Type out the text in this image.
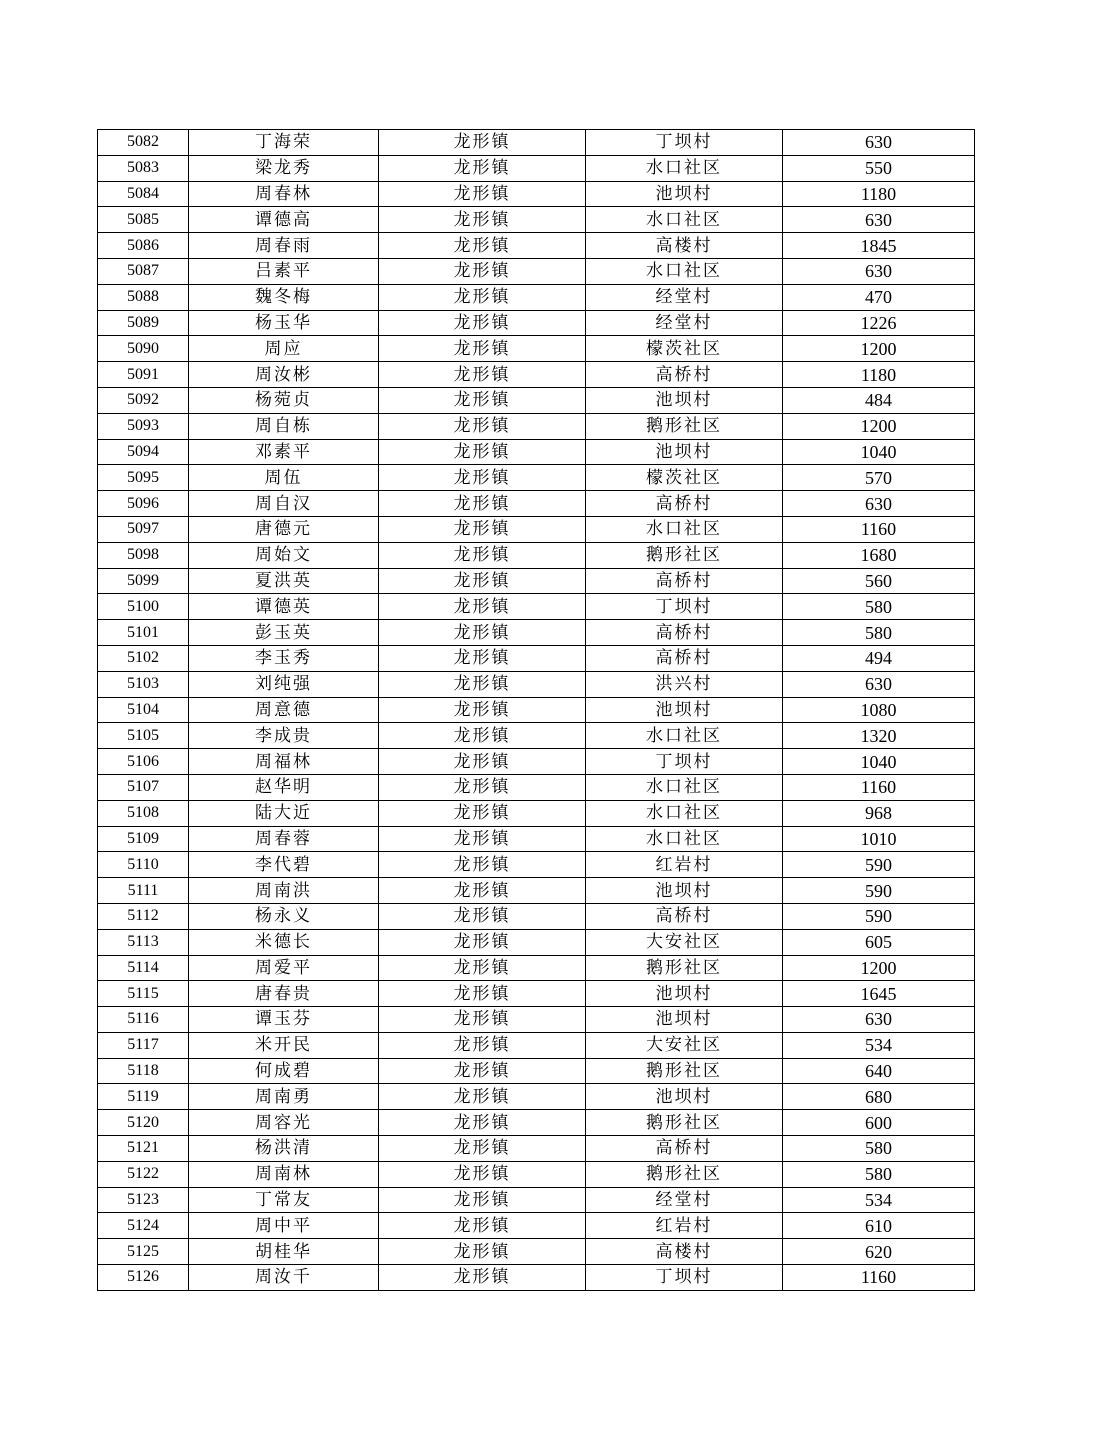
5082	丁海荣	龙形镇	丁坝村	630
5083	梁龙秀	龙形镇	水口社区	550
5084	周春林	龙形镇	池坝村	1180
5085	谭德高	龙形镇	水口社区	630
5086	周春雨	龙形镇	高楼村	1845
5087	吕素平	龙形镇	水口社区	630
5088	魏冬梅	龙形镇	经堂村	470
5089	杨玉华	龙形镇	经堂村	1226
5090	周应	龙形镇	檬茨社区	1200
5091	周汝彬	龙形镇	高桥村	1180
5092	杨菀贞	龙形镇	池坝村	484
5093	周自栋	龙形镇	鹅形社区	1200
5094	邓素平	龙形镇	池坝村	1040
5095	周伍	龙形镇	檬茨社区	570
5096	周自汉	龙形镇	高桥村	630
5097	唐德元	龙形镇	水口社区	1160
5098	周始文	龙形镇	鹅形社区	1680
5099	夏洪英	龙形镇	高桥村	560
5100	谭德英	龙形镇	丁坝村	580
5101	彭玉英	龙形镇	高桥村	580
5102	李玉秀	龙形镇	高桥村	494
5103	刘纯强	龙形镇	洪兴村	630
5104	周意德	龙形镇	池坝村	1080
5105	李成贵	龙形镇	水口社区	1320
5106	周福林	龙形镇	丁坝村	1040
5107	赵华明	龙形镇	水口社区	1160
5108	陆大近	龙形镇	水口社区	968
5109	周春蓉	龙形镇	水口社区	1010
5110	李代碧	龙形镇	红岩村	590
5111	周南洪	龙形镇	池坝村	590
5112	杨永义	龙形镇	高桥村	590
5113	米德长	龙形镇	大安社区	605
5114	周爱平	龙形镇	鹅形社区	1200
5115	唐春贵	龙形镇	池坝村	1645
5116	谭玉芬	龙形镇	池坝村	630
5117	米开民	龙形镇	大安社区	534
5118	何成碧	龙形镇	鹅形社区	640
5119	周南勇	龙形镇	池坝村	680
5120	周容光	龙形镇	鹅形社区	600
5121	杨洪清	龙形镇	高桥村	580
5122	周南林	龙形镇	鹅形社区	580
5123	丁常友	龙形镇	经堂村	534
5124	周中平	龙形镇	红岩村	610
5125	胡桂华	龙形镇	高楼村	620
5126	周汝千	龙形镇	丁坝村	1160
